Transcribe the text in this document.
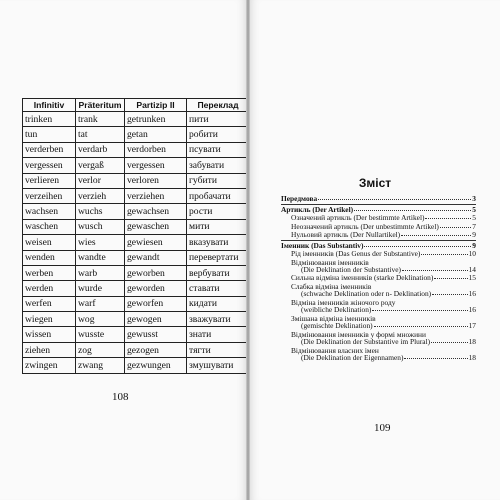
Infinitiv	Präteritum	Partizip II	Переклад
trinken	trank	getrunken	пити
tun	tat	getan	робити
verderben	verdarb	verdorben	псувати
vergessen	vergaß	vergessen	забувати
verlieren	verlor	verloren	губити
verzeihen	verzieh	verziehen	пробачати
wachsen	wuchs	gewachsen	рости
waschen	wusch	gewaschen	мити
weisen	wies	gewiesen	вказувати
wenden	wandte	gewandt	перевертати
werben	warb	geworben	вербувати
werden	wurde	geworden	ставати
werfen	warf	geworfen	кидати
wiegen	wog	gewogen	зважувати
wissen	wusste	gewusst	знати
ziehen	zog	gezogen	тягти
zwingen	zwang	gezwungen	змушувати
108
Зміст
Передмова	3
Артикль (Der Artikel)	5
Означений артикль (Der bestimmte Artikel)	5
Неозначений артикль (Der unbestimmte Artikel)	7
Нульовий артикль (Der Nullartikel)	9
Іменник (Das Substantiv)	9
Рід іменників (Das Genus der Substantive)	10
Відмінювання іменників
(Die Deklination der Substantive)	14
Сильна відміна іменників (starke Deklination)	15
Слабка відміна іменників
(schwache Deklination oder n- Deklination)	16
Відміна іменників жіночого роду
(weibliche Deklination)	16
Змішана відміна іменників
(gemischte Deklination)	17
Відмінювання іменників у формі множини
(Die Deklination der Substantive im Plural)	18
Відмінювання власних імен
(Die Deklination der Eigennamen)	18
109
